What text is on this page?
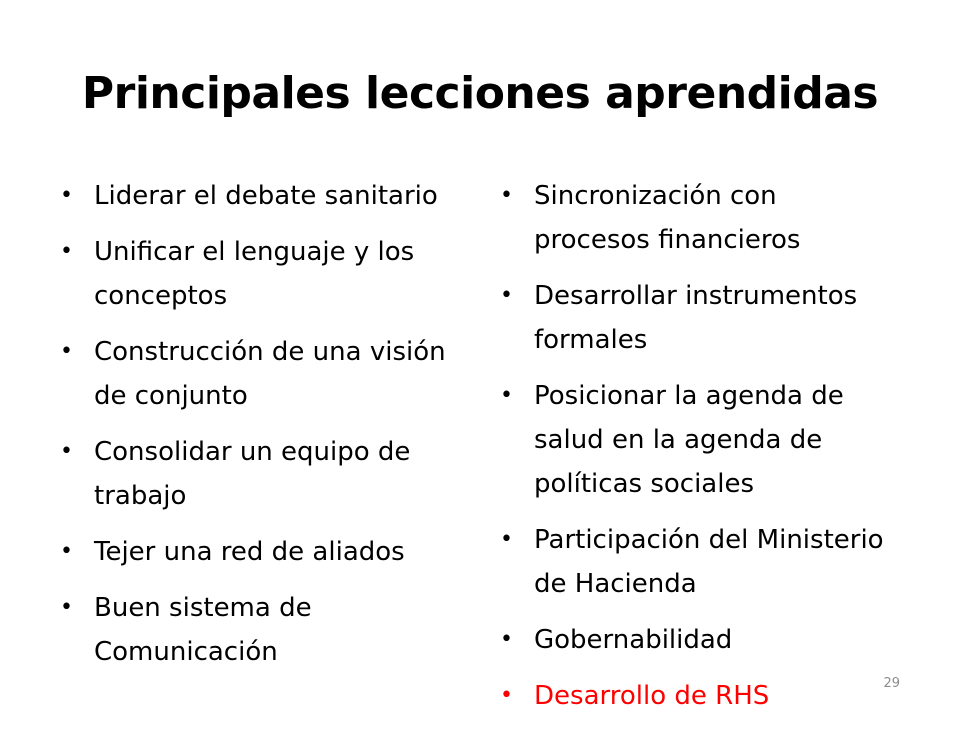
Principales lecciones aprendidas
• Liderar el debate sanitario
• Unificar el lenguaje y los conceptos
• Construcción de una visión de conjunto
• Consolidar un equipo de trabajo
• Tejer una red de aliados
• Buen sistema de Comunicación
• Sincronización con procesos financieros
• Desarrollar instrumentos formales
• Posicionar la agenda de salud en la agenda de políticas sociales
• Participación del Ministerio de Hacienda
• Gobernabilidad
• Desarrollo de RHS	29
